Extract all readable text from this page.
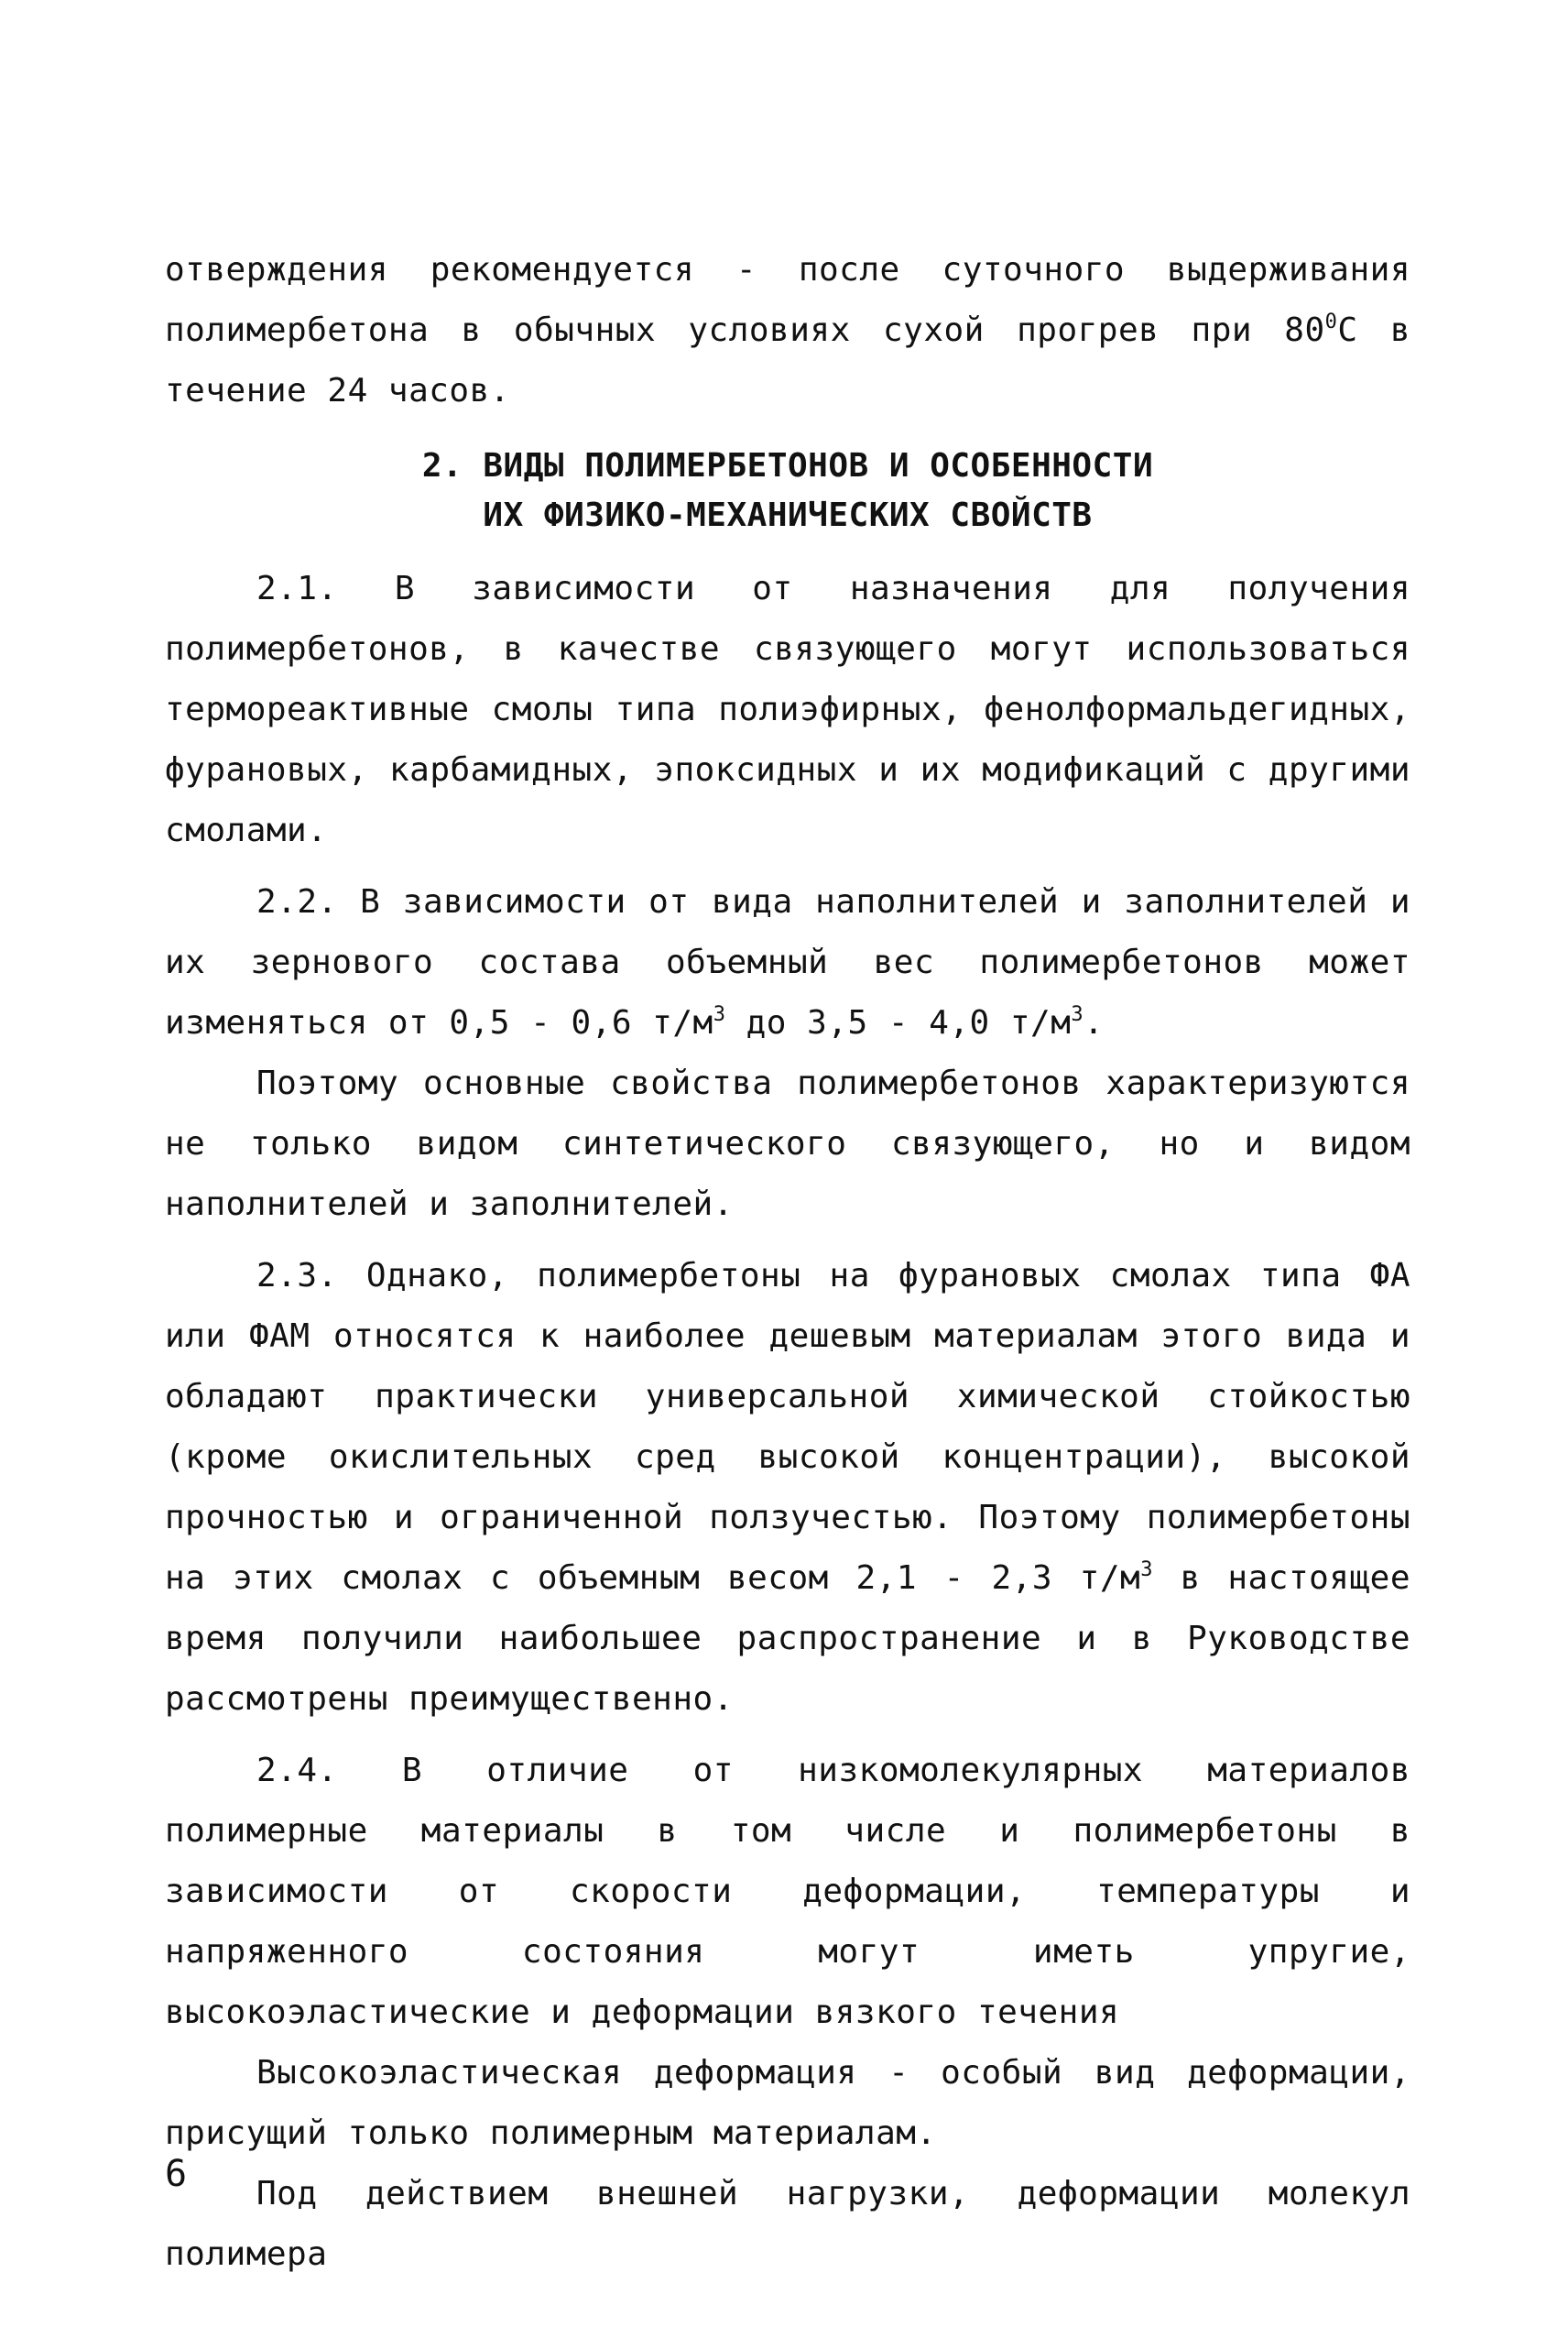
отверждения рекомендуется - после суточного выдерживания полимербетона в обычных условиях сухой прогрев при $80^0С$ в течение 24 часов.

2. ВИДЫ ПОЛИМЕРБЕТОНОВ И ОСОБЕННОСТИ
ИХ ФИЗИКО-МЕХАНИЧЕСКИХ СВОЙСТВ

2.1. В зависимости от назначения для получения полимербетонов, в качестве связующего могут использоваться термореактивные смолы типа полиэфирных, фенолформальдегидных, фурановых, карбамидных, эпоксидных и их модификаций с другими смолами.

2.2. В зависимости от вида наполнителей и заполнителей и их зернового состава объемный вес полимербетонов может изменяться от 0,5 - 0,6 $т/м^3$ до 3,5 - 4,0 $т/м^3$.

Поэтому основные свойства полимербетонов характеризуются не только видом синтетического связующего, но и видом наполнителей и заполнителей.

2.3. Однако, полимербетоны на фурановых смолах типа ФА или ФАМ относятся к наиболее дешевым материалам этого вида и обладают практически универсальной химической стойкостью (кроме окислительных сред высокой концентрации), высокой прочностью и ограниченной ползучестью. Поэтому полимербетоны на этих смолах с объемным весом 2,1 - 2,3 $т/м^3$ в настоящее время получили наибольшее распространение и в Руководстве рассмотрены преимущественно.

2.4. В отличие от низкомолекулярных материалов полимерные материалы в том числе и полимербетоны в зависимости от скорости деформации, температуры и напряженного состояния могут иметь упругие, высокоэластические и деформации вязкого течения

Высокоэластическая деформация - особый вид деформации, присущий только полимерным материалам.

Под действием внешней нагрузки, деформации молекул полимера

6
